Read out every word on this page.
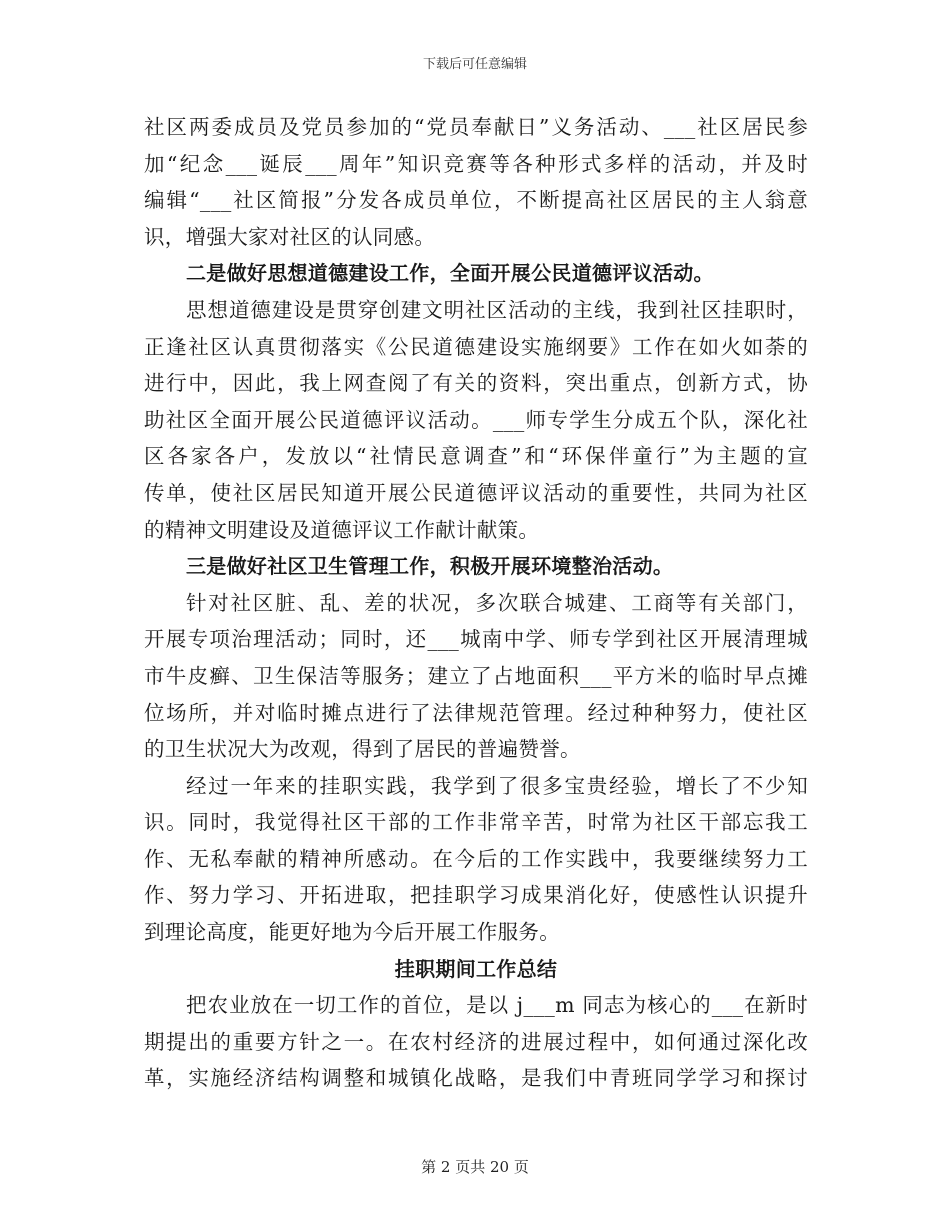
下载后可任意编辑
社区两委成员及党员参加的“党员奉献日”义务活动、___社区居民参
加“纪念___诞辰___周年”知识竞赛等各种形式多样的活动，并及时
编辑“___社区简报”分发各成员单位，不断提高社区居民的主人翁意
识，增强大家对社区的认同感。
二是做好思想道德建设工作，全面开展公民道德评议活动。
思想道德建设是贯穿创建文明社区活动的主线，我到社区挂职时，
正逢社区认真贯彻落实《公民道德建设实施纲要》工作在如火如荼的
进行中，因此，我上网查阅了有关的资料，突出重点，创新方式，协
助社区全面开展公民道德评议活动。___师专学生分成五个队，深化社
区各家各户，发放以“社情民意调查”和“环保伴童行”为主题的宣
传单，使社区居民知道开展公民道德评议活动的重要性，共同为社区
的精神文明建设及道德评议工作献计献策。
三是做好社区卫生管理工作，积极开展环境整治活动。
针对社区脏、乱、差的状况，多次联合城建、工商等有关部门，
开展专项治理活动；同时，还___城南中学、师专学到社区开展清理城
市牛皮癣、卫生保洁等服务；建立了占地面积___平方米的临时早点摊
位场所，并对临时摊点进行了法律规范管理。经过种种努力，使社区
的卫生状况大为改观，得到了居民的普遍赞誉。
经过一年来的挂职实践，我学到了很多宝贵经验，增长了不少知
识。同时，我觉得社区干部的工作非常辛苦，时常为社区干部忘我工
作、无私奉献的精神所感动。在今后的工作实践中，我要继续努力工
作、努力学习、开拓进取，把挂职学习成果消化好，使感性认识提升
到理论高度，能更好地为今后开展工作服务。
挂职期间工作总结
把农业放在一切工作的首位，是以 j___m 同志为核心的___在新时
期提出的重要方针之一。在农村经济的进展过程中，如何通过深化改
革，实施经济结构调整和城镇化战略，是我们中青班同学学习和探讨
第 2 页共 20 页
